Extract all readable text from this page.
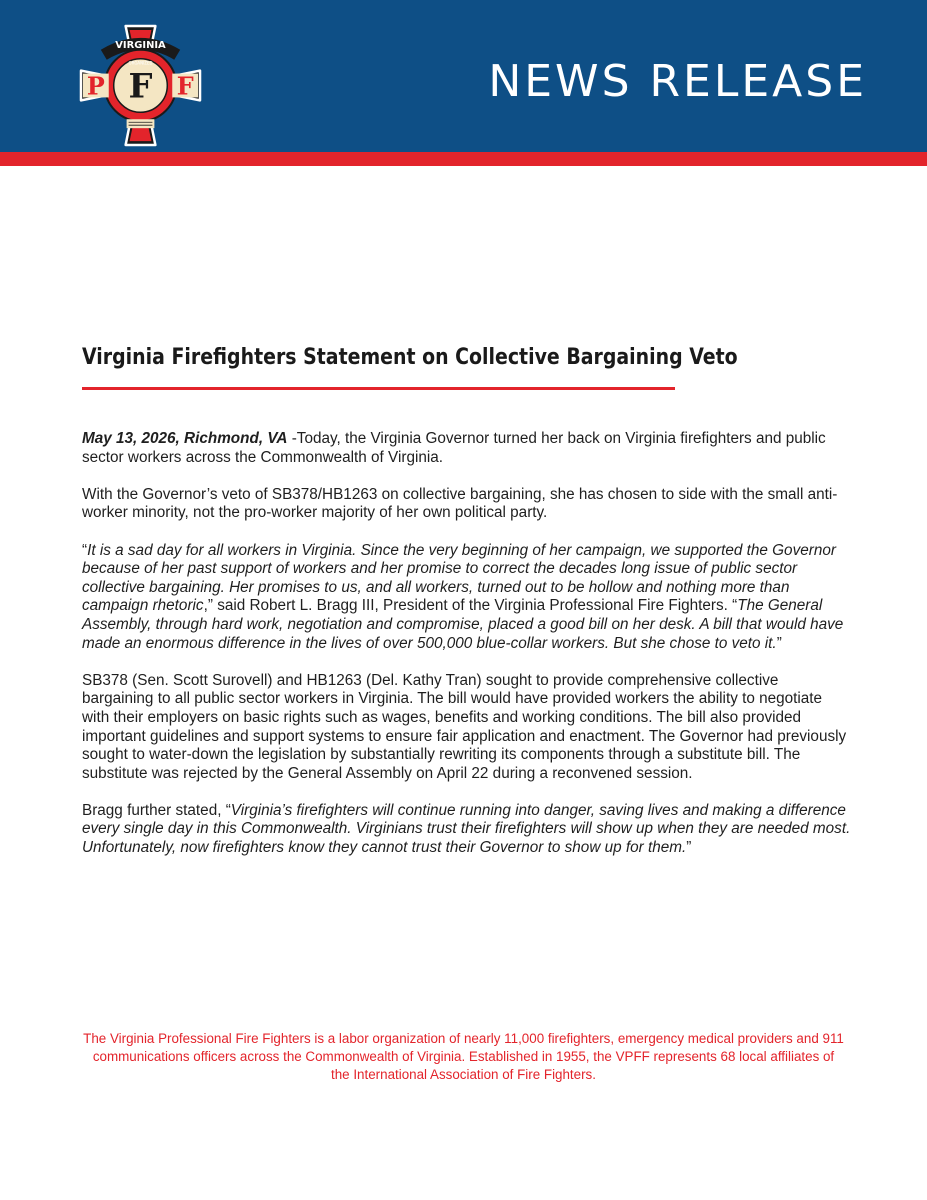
VIRGINIA
ORGANIZED
P F F	NEWS RELEASE
Virginia Firefighters Statement on Collective Bargaining Veto

May 13, 2026, Richmond, VA -Today, the Virginia Governor turned her back on Virginia firefighters and public sector workers across the Commonwealth of Virginia.

With the Governor’s veto of SB378/HB1263 on collective bargaining, she has chosen to side with the small anti-worker minority, not the pro-worker majority of her own political party.

“It is a sad day for all workers in Virginia. Since the very beginning of her campaign, we supported the Governor because of her past support of workers and her promise to correct the decades long issue of public sector collective bargaining. Her promises to us, and all workers, turned out to be hollow and nothing more than campaign rhetoric,” said Robert L. Bragg III, President of the Virginia Professional Fire Fighters. “The General Assembly, through hard work, negotiation and compromise, placed a good bill on her desk. A bill that would have made an enormous difference in the lives of over 500,000 blue-collar workers. But she chose to veto it.”

SB378 (Sen. Scott Surovell) and HB1263 (Del. Kathy Tran) sought to provide comprehensive collective bargaining to all public sector workers in Virginia. The bill would have provided workers the ability to negotiate with their employers on basic rights such as wages, benefits and working conditions. The bill also provided important guidelines and support systems to ensure fair application and enactment. The Governor had previously sought to water-down the legislation by substantially rewriting its components through a substitute bill. The substitute was rejected by the General Assembly on April 22 during a reconvened session.

Bragg further stated, “Virginia’s firefighters will continue running into danger, saving lives and making a difference every single day in this Commonwealth. Virginians trust their firefighters will show up when they are needed most. Unfortunately, now firefighters know they cannot trust their Governor to show up for them.”

The Virginia Professional Fire Fighters is a labor organization of nearly 11,000 firefighters, emergency medical providers and 911 communications officers across the Commonwealth of Virginia. Established in 1955, the VPFF represents 68 local affiliates of the International Association of Fire Fighters.
